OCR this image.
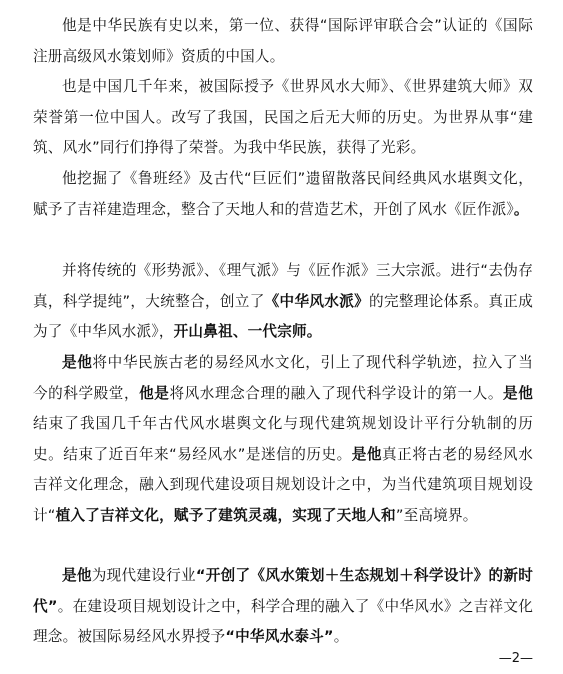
他是中华民族有史以来，第一位、获得“国际评审联合会”认证的《国际注册高级风水策划师》资质的中国人。

也是中国几千年来，被国际授予《世界风水大师》、《世界建筑大师》双荣誉第一位中国人。改写了我国，民国之后无大师的历史。为世界从事“建筑、风水”同行们挣得了荣誉。为我中华民族，获得了光彩。

他挖掘了《鲁班经》及古代“巨匠们”遗留散落民间经典风水堪舆文化，赋予了吉祥建造理念，整合了天地人和的营造艺术，开创了风水《匠作派》。

并将传统的《形势派》、《理气派》与《匠作派》三大宗派。进行“去伪存真，科学提纯”，大统整合，创立了《中华风水派》的完整理论体系。真正成为了《中华风水派》，开山鼻祖、一代宗师。

是他将中华民族古老的易经风水文化，引上了现代科学轨迹，拉入了当今的科学殿堂，他是将风水理念合理的融入了现代科学设计的第一人。是他结束了我国几千年古代风水堪舆文化与现代建筑规划设计平行分轨制的历史。结束了近百年来“易经风水”是迷信的历史。是他真正将古老的易经风水吉祥文化理念，融入到现代建设项目规划设计之中，为当代建筑项目规划设计“植入了吉祥文化，赋予了建筑灵魂，实现了天地人和”至高境界。

是他为现代建设行业“开创了《风水策划＋生态规划＋科学设计》的新时代”。在建设项目规划设计之中，科学合理的融入了《中华风水》之吉祥文化理念。被国际易经风水界授予“中华风水泰斗”。

—2—
